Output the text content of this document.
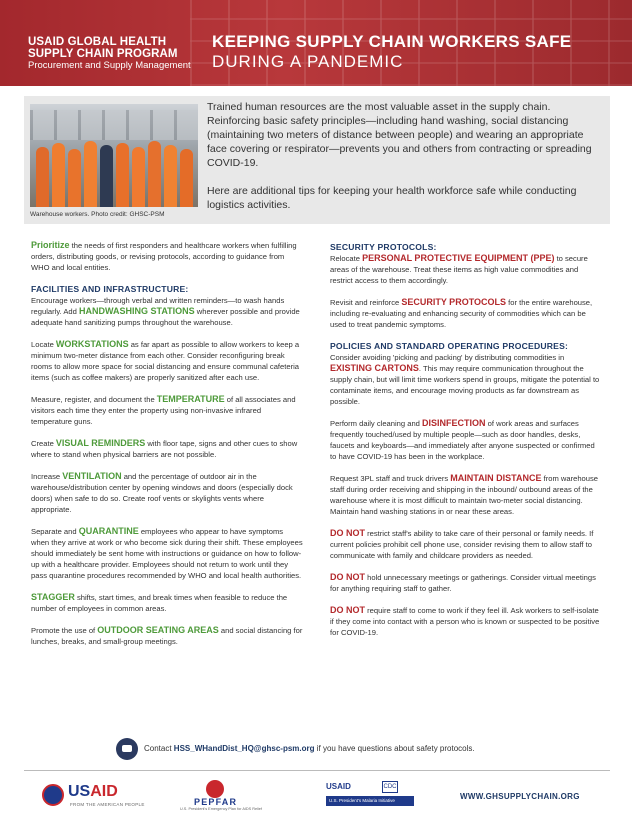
USAID GLOBAL HEALTH
SUPPLY CHAIN PROGRAM
Procurement and Supply Management
KEEPING SUPPLY CHAIN WORKERS SAFE
DURING A PANDEMIC
Warehouse workers. Photo credit: GHSC-PSM

Trained human resources are the most valuable asset in the supply chain. Reinforcing basic safety principles—including hand washing, social distancing (maintaining two meters of distance between people) and wearing an appropriate face covering or respirator—prevents you and others from contracting or spreading COVID-19.

Here are additional tips for keeping your health workforce safe while conducting logistics activities.

Prioritize the needs of first responders and healthcare workers when fulfilling orders, distributing goods, or revising protocols, according to guidance from WHO and local entities.
FACILITIES AND INFRASTRUCTURE:
Encourage workers—through verbal and written reminders—to wash hands regularly. Add HANDWASHING STATIONS wherever possible and provide adequate hand sanitizing pumps throughout the warehouse.
Locate WORKSTATIONS as far apart as possible to allow workers to keep a minimum two-meter distance from each other. Consider reconfiguring break rooms to allow more space for social distancing and ensure communal cafeteria items (such as coffee makers) are properly sanitized after each use.
Measure, register, and document the TEMPERATURE of all associates and visitors each time they enter the property using non-invasive infrared temperature guns.
Create VISUAL REMINDERS with floor tape, signs and other cues to show where to stand when physical barriers are not possible.
Increase VENTILATION and the percentage of outdoor air in the warehouse/distribution center by opening windows and doors (especially dock doors) when safe to do so. Create roof vents or skylights vents where appropriate.
Separate and QUARANTINE employees who appear to have symptoms when they arrive at work or who become sick during their shift. These employees should immediately be sent home with instructions or guidance on how to follow-up with a healthcare provider. Employees should not return to work until they pass quarantine procedures recommended by WHO and local health authorities.
STAGGER shifts, start times, and break times when feasible to reduce the number of employees in common areas.
Promote the use of OUTDOOR SEATING AREAS and social distancing for lunches, breaks, and small-group meetings.
SECURITY PROTOCOLS:
Relocate PERSONAL PROTECTIVE EQUIPMENT (PPE) to secure areas of the warehouse. Treat these items as high value commodities and restrict access to them accordingly.
Revisit and reinforce SECURITY PROTOCOLS for the entire warehouse, including re-evaluating and enhancing security of commodities which can be used to treat pandemic symptoms.
POLICIES AND STANDARD OPERATING PROCEDURES:
Consider avoiding 'picking and packing' by distributing commodities in EXISTING CARTONS. This may require communication throughout the supply chain, but will limit time workers spend in groups, mitigate the potential to contaminate items, and encourage moving products as far downstream as possible.
Perform daily cleaning and DISINFECTION of work areas and surfaces frequently touched/used by multiple people—such as door handles, desks, faucets and keyboards—and immediately after anyone suspected or confirmed to have COVID-19 has been in the workplace.
Request 3PL staff and truck drivers MAINTAIN DISTANCE from warehouse staff during order receiving and shipping in the inbound/ outbound areas of the warehouse where it is most difficult to maintain two-meter social distancing. Maintain hand washing stations in or near these areas.
DO NOT restrict staff's ability to take care of their personal or family needs. If current policies prohibit cell phone use, consider revising them to allow staff to communicate with family and childcare providers as needed.
DO NOT hold unnecessary meetings or gatherings. Consider virtual meetings for anything requiring staff to gather.
DO NOT require staff to come to work if they feel ill. Ask workers to self-isolate if they come into contact with a person who is known or suspected to be positive
for COVID-19.
Contact HSS_WHandDist_HQ@ghsc-psm.org if you have questions about safety protocols.
USAID
FROM THE AMERICAN PEOPLE	PEPFAR
U.S. President's Emergency Plan for AIDS Relief
USAID	CDC
U.S. President's Malaria Initiative	WWW.GHSUPPLYCHAIN.ORG
